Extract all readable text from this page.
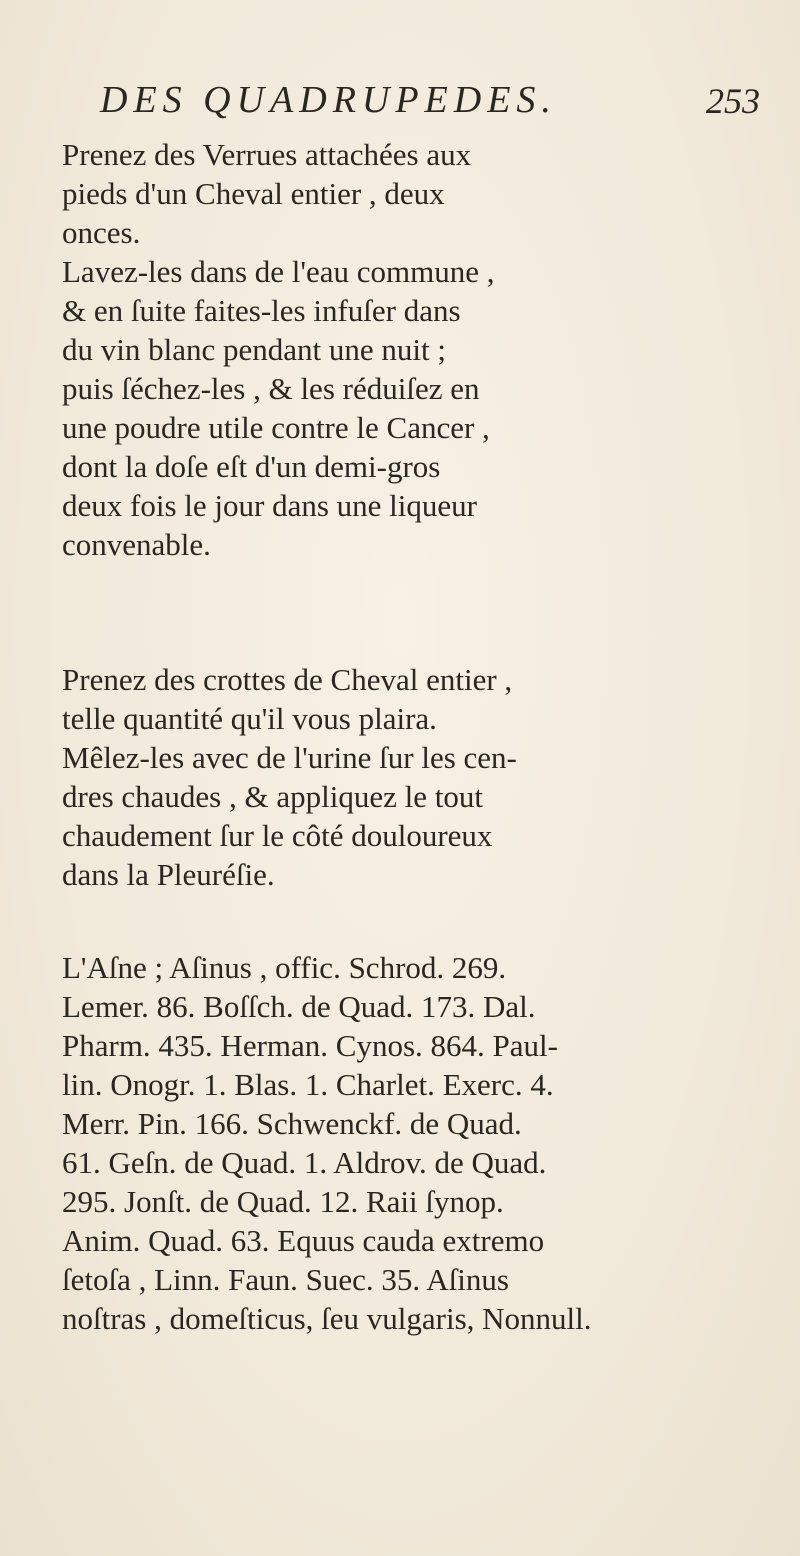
DES QUADRUPEDES.	253
Prenez des Verrues attachées aux
pieds d'un Cheval entier , deux
onces.
Lavez-les dans de l'eau commune ,
& en ſuite faites-les infuſer dans
du vin blanc pendant une nuit ;
puis ſéchez-les , & les réduiſez en
une poudre utile contre le Cancer ,
dont la doſe eſt d'un demi-gros
deux fois le jour dans une liqueur
convenable.
Prenez des crottes de Cheval entier ,
telle quantité qu'il vous plaira.
Mêlez-les avec de l'urine ſur les cen-
dres chaudes , & appliquez le tout
chaudement ſur le côté douloureux
dans la Pleuréſie.
L'Aſne ; Aſinus , offic. Schrod. 269.
Lemer. 86. Boſſch. de Quad. 173. Dal.
Pharm. 435. Herman. Cynos. 864. Paul-
lin. Onogr. 1. Blas. 1. Charlet. Exerc. 4.
Merr. Pin. 166. Schwenckf. de Quad.
61. Geſn. de Quad. 1. Aldrov. de Quad.
295. Jonſt. de Quad. 12. Raii ſynop.
Anim. Quad. 63. Equus cauda extremo
ſetoſa , Linn. Faun. Suec. 35. Aſinus
noſtras , domeſticus, ſeu vulgaris, Nonnull.
